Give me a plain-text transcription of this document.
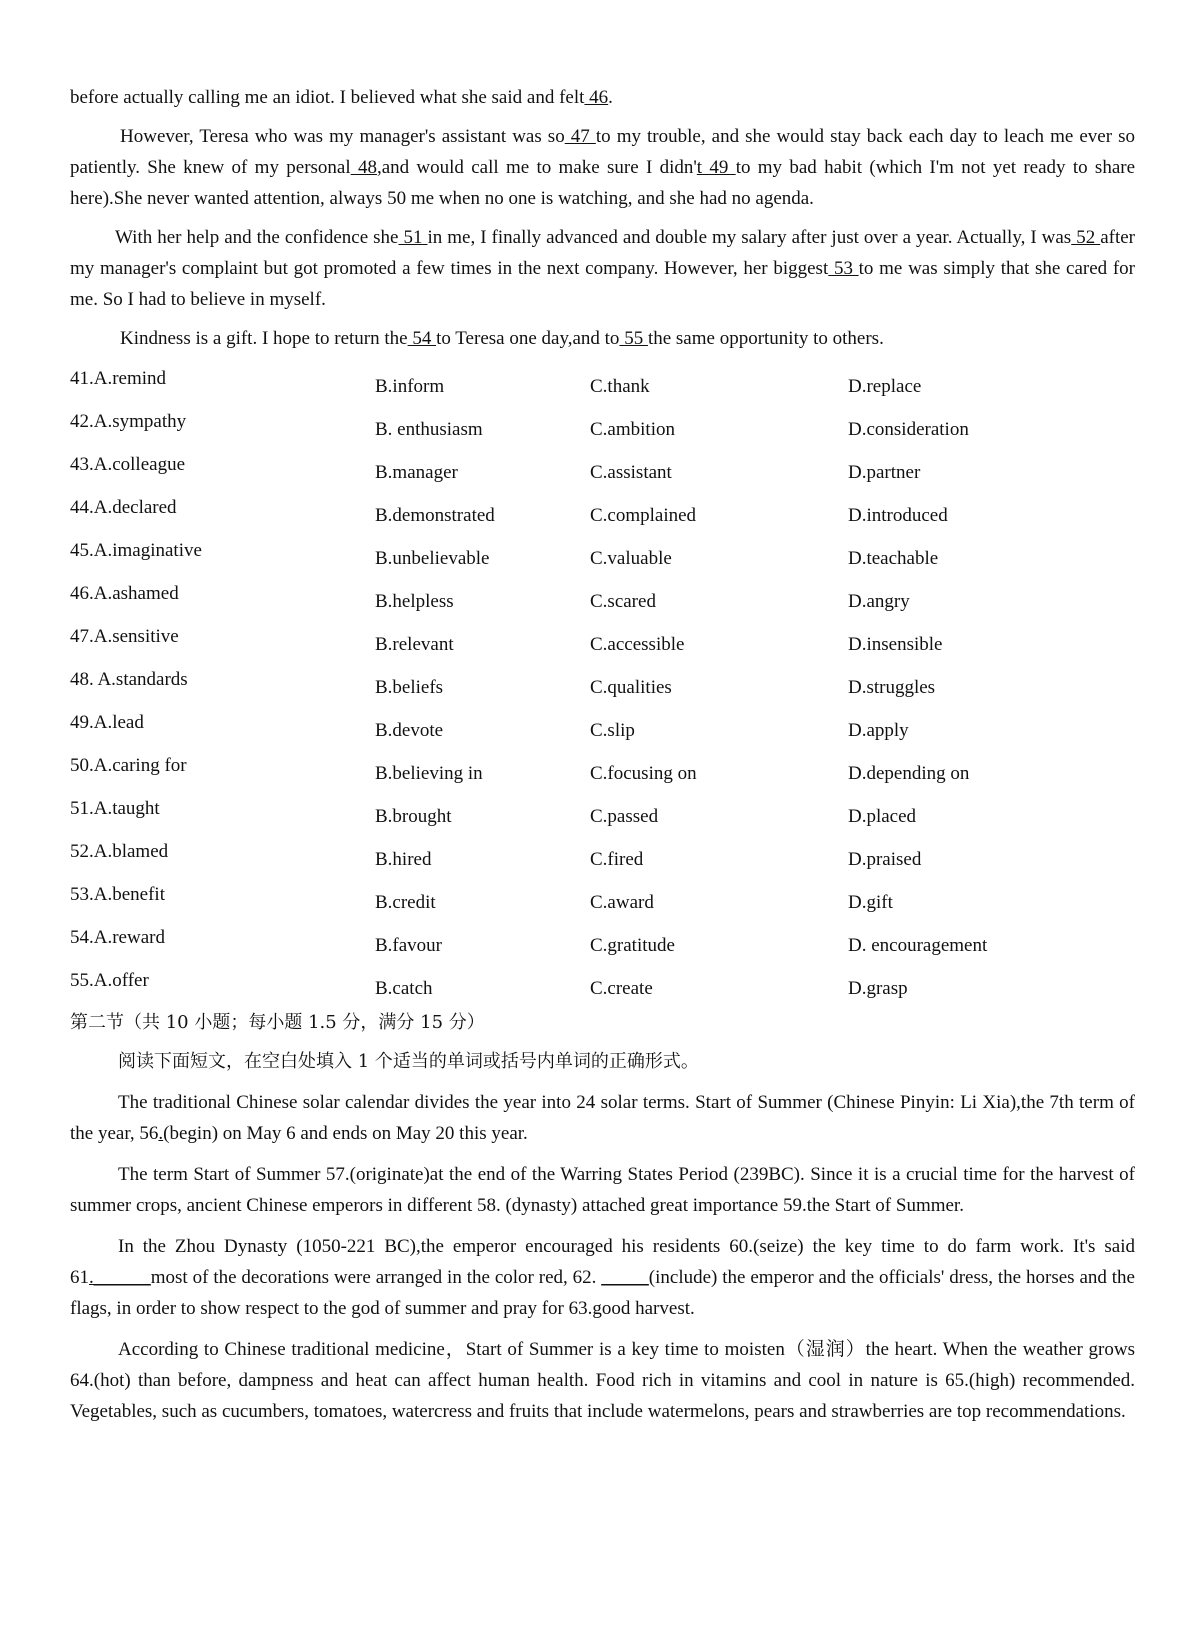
before actually calling me an idiot. I believed what she said and felt 46.

However, Teresa who was my manager's assistant was so 47 to my trouble, and she would stay back each day to leach me ever so patiently. She knew of my personal 48,and would call me to make sure I didn't 49 to my bad habit (which I'm not yet ready to share here).She never wanted attention, always 50 me when no one is watching, and she had no agenda.

With her help and the confidence she 51 in me, I finally advanced and double my salary after just over a year. Actually, I was 52 after my manager's complaint but got promoted a few times in the next company. However, her biggest 53 to me was simply that she cared for me. So I had to believe in myself.

Kindness is a gift. I hope to return the 54 to Teresa one day,and to 55 the same opportunity to others.

41.A.remind	B.inform	C.thank	D.replace
42.A.sympathy	B. enthusiasm	C.ambition	D.consideration
43.A.colleague	B.manager	C.assistant	D.partner
44.A.declared	B.demonstrated	C.complained	D.introduced
45.A.imaginative	B.unbelievable	C.valuable	D.teachable
46.A.ashamed	B.helpless	C.scared	D.angry
47.A.sensitive	B.relevant	C.accessible	D.insensible
48. A.standards	B.beliefs	C.qualities	D.struggles
49.A.lead	B.devote	C.slip	D.apply
50.A.caring for	B.believing in	C.focusing on	D.depending on
51.A.taught	B.brought	C.passed	D.placed
52.A.blamed	B.hired	C.fired	D.praised
53.A.benefit	B.credit	C.award	D.gift
54.A.reward	B.favour	C.gratitude	D. encouragement
55.A.offer	B.catch	C.create	D.grasp

第二节（共 10 小题；每小题 1.5 分，满分 15 分）

阅读下面短文，在空白处填入 1 个适当的单词或括号内单词的正确形式。

The traditional Chinese solar calendar divides the year into 24 solar terms. Start of Summer (Chinese Pinyin: Li Xia),the 7th term of the year, 56.(begin) on May 6 and ends on May 20 this year.

The term Start of Summer 57.(originate)at the end of the Warring States Period (239BC). Since it is a crucial time for the harvest of summer crops, ancient Chinese emperors in different 58. (dynasty) attached great importance 59.the Start of Summer.

In the Zhou Dynasty (1050-221 BC),the emperor encouraged his residents 60.(seize) the key time to do farm work. It's said 61.______most of the decorations were arranged in the color red, 62. _____(include) the emperor and the officials' dress, the horses and the flags, in order to show respect to the god of summer and pray for 63.good harvest.

According to Chinese traditional medicine，Start of Summer is a key time to moisten（湿润）the heart. When the weather grows 64.(hot) than before, dampness and heat can affect human health. Food rich in vitamins and cool in nature is 65.(high) recommended. Vegetables, such as cucumbers, tomatoes, watercress and fruits that include watermelons, pears and strawberries are top recommendations.
